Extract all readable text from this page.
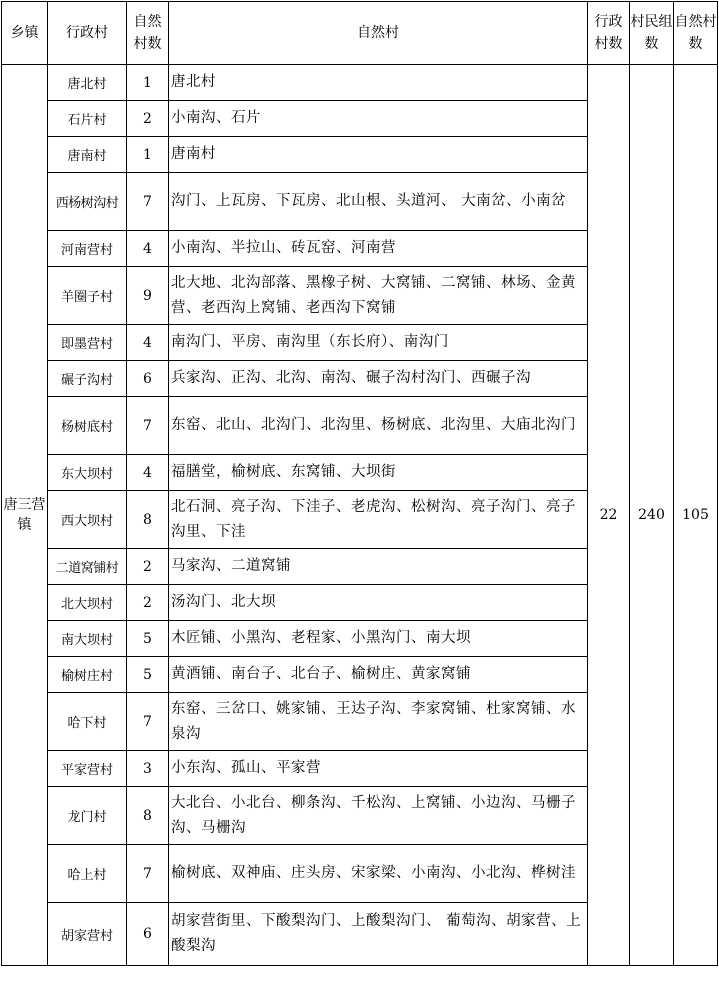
乡镇	行政村	自然村数	自然村	行政村数	村民组数	自然村数
唐三营镇	唐北村	1	唐北村	22	240	105
	石片村	2	小南沟、石片			
	唐南村	1	唐南村			
	西杨树沟村	7	沟门、上瓦房、下瓦房、北山根、头道河、 大南岔、小南岔			
	河南营村	4	小南沟、半拉山、砖瓦窑、河南营			
	羊圈子村	9	北大地、北沟部落、黑橡子树、大窝铺、二窝铺、林场、金黄营、老西沟上窝铺、老西沟下窝铺			
	即墨营村	4	南沟门、平房、南沟里（东长府）、南沟门			
	碾子沟村	6	兵家沟、正沟、北沟、南沟、碾子沟村沟门、西碾子沟			
	杨树底村	7	东窑、北山、北沟门、北沟里、杨树底、北沟里、大庙北沟门			
	东大坝村	4	福膳堂，榆树底、东窝铺、大坝街			
	西大坝村	8	北石洞、亮子沟、下洼子、老虎沟、松树沟、亮子沟门、亮子沟里、下洼			
	二道窝铺村	2	马家沟、二道窝铺			
	北大坝村	2	汤沟门、北大坝			
	南大坝村	5	木匠铺、小黑沟、老程家、小黑沟门、南大坝			
	榆树庄村	5	黄酒铺、南台子、北台子、榆树庄、黄家窝铺			
	哈下村	7	东窑、三岔口、姚家铺、王达子沟、李家窝铺、杜家窝铺、水泉沟			
	平家营村	3	小东沟、孤山、平家营			
	龙门村	8	大北台、小北台、柳条沟、千松沟、上窝铺、小边沟、马栅子沟、马栅沟			
	哈上村	7	榆树底、双神庙、庄头房、宋家梁、小南沟、小北沟、桦树洼			
	胡家营村	6	胡家营街里、下酸梨沟门、上酸梨沟门、 葡萄沟、胡家营、上酸梨沟			
